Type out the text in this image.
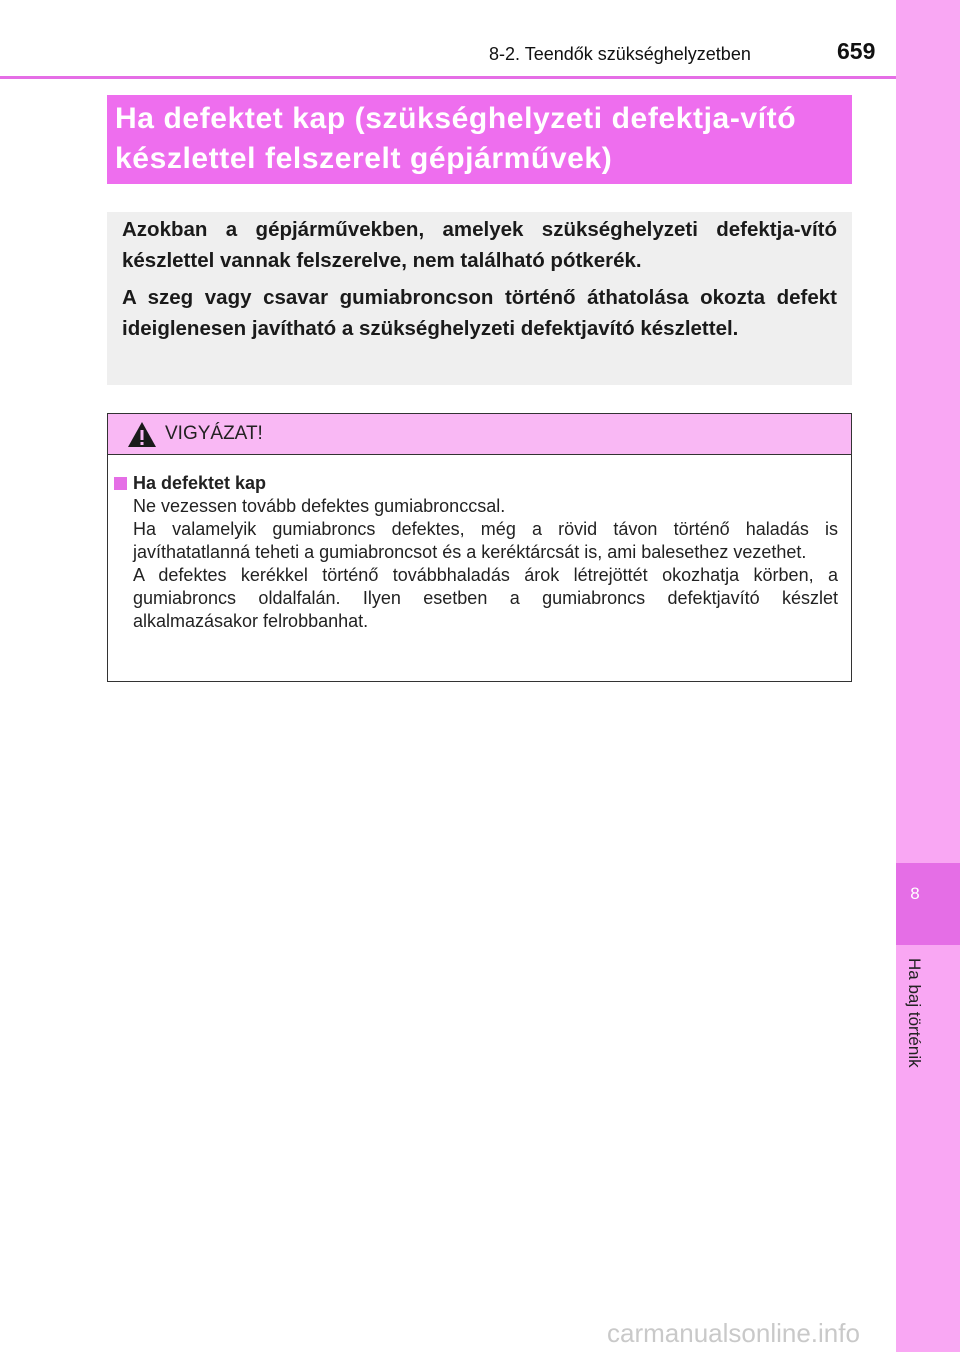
8
Ha baj történik
8-2. Teendők szükséghelyzetben	659
Ha defektet kap (szükséghelyzeti defektja-vító készlettel felszerelt gépjárművek)

Azokban a gépjárművekben, amelyek szükséghelyzeti defektja-vító készlettel vannak felszerelve, nem található pótkerék.

A szeg vagy csavar gumiabroncson történő áthatolása okozta defekt ideiglenesen javítható a szükséghelyzeti defektjavító készlettel.

VIGYÁZAT!
Ha defektet kap

Ne vezessen tovább defektes gumiabronccsal.

Ha valamelyik gumiabroncs defektes, még a rövid távon történő haladás is javíthatatlanná teheti a gumiabroncsot és a keréktárcsát is, ami balesethez vezethet.

A defektes kerékkel történő továbbhaladás árok létrejöttét okozhatja körben, a gumiabroncs oldalfalán. Ilyen esetben a gumiabroncs defektjavító készlet alkalmazásakor felrobbanhat.

carmanualsonline.info
